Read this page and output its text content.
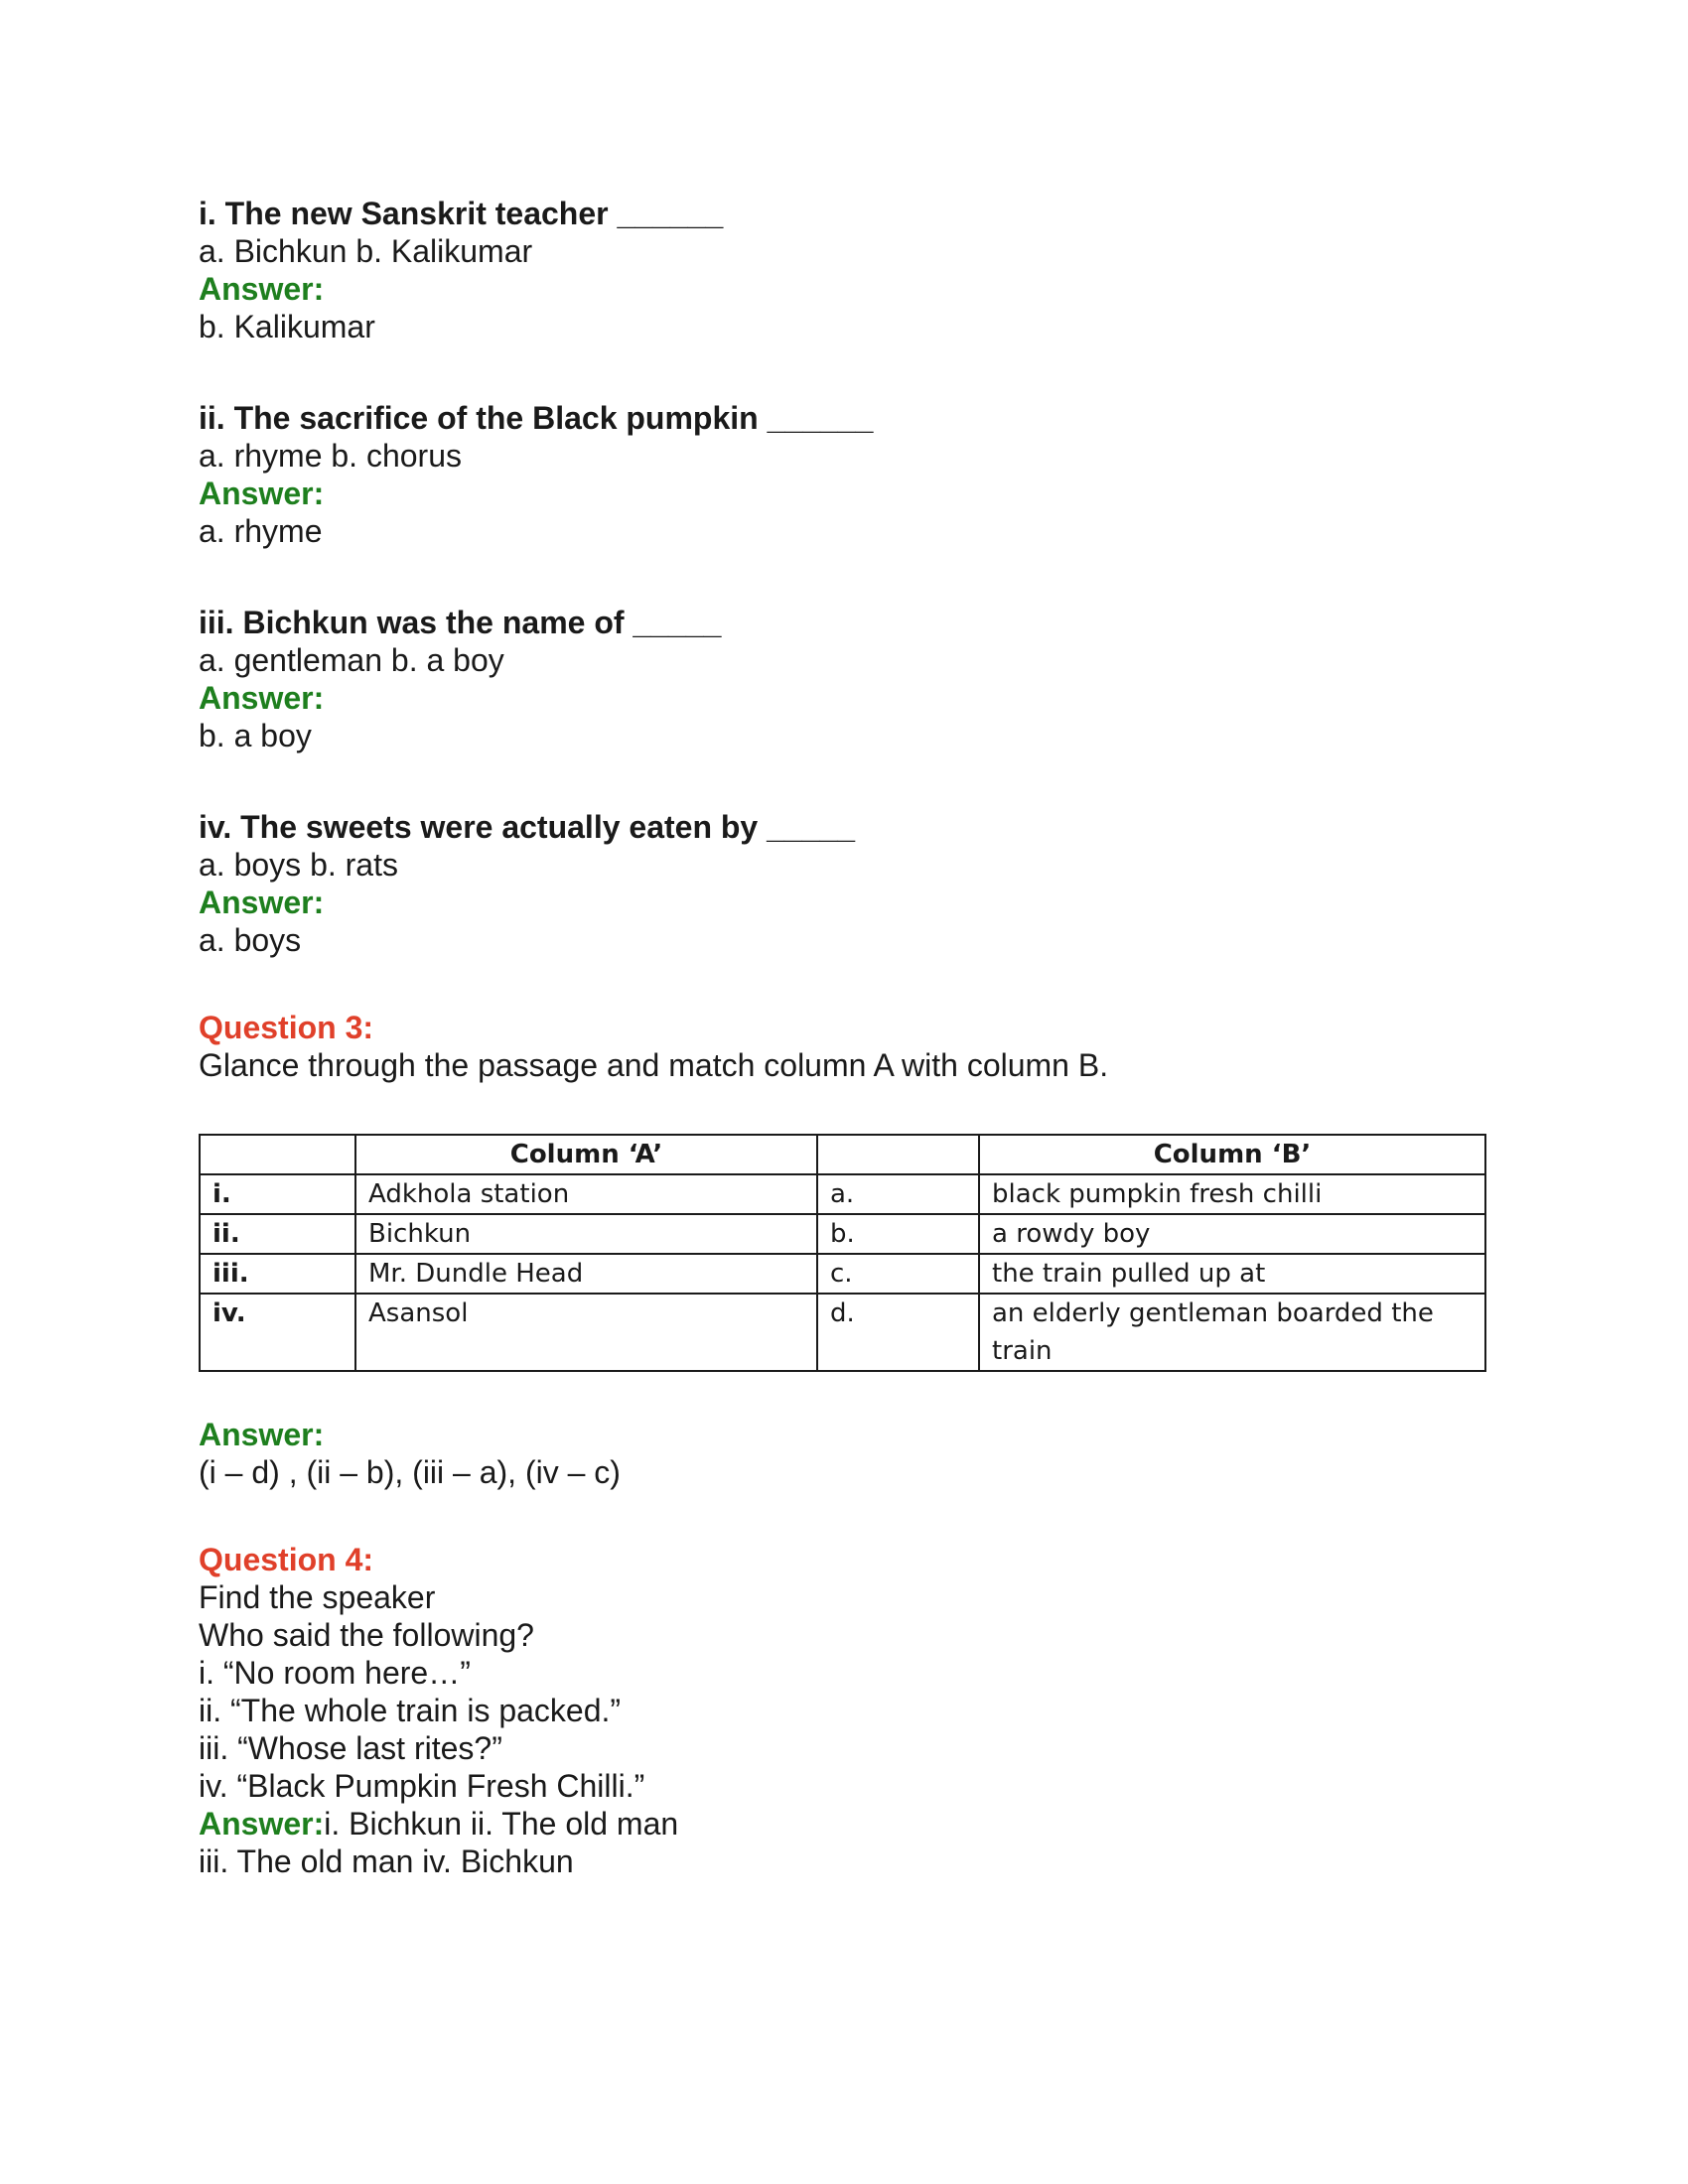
i. The new Sanskrit teacher ______
a. Bichkun b. Kalikumar
Answer:
b. Kalikumar
ii. The sacrifice of the Black pumpkin ______
a. rhyme b. chorus
Answer:
a. rhyme
iii. Bichkun was the name of _____
a. gentleman b. a boy
Answer:
b. a boy
iv. The sweets were actually eaten by _____
a. boys b. rats
Answer:
a. boys
Question 3:
Glance through the passage and match column A with column B.
	Column ‘A’		Column ‘B’
i.	Adkhola station	a.	black pumpkin fresh chilli
ii.	Bichkun	b.	a rowdy boy
iii.	Mr. Dundle Head	c.	the train pulled up at
iv.	Asansol	d.	an elderly gentleman boarded the train
Answer:
(i – d) , (ii – b), (iii – a), (iv – c)
Question 4:
Find the speaker
Who said the following?
i. “No room here…”
ii. “The whole train is packed.”
iii. “Whose last rites?”
iv. “Black Pumpkin Fresh Chilli.”
Answer:i. Bichkun ii. The old man
iii. The old man iv. Bichkun
